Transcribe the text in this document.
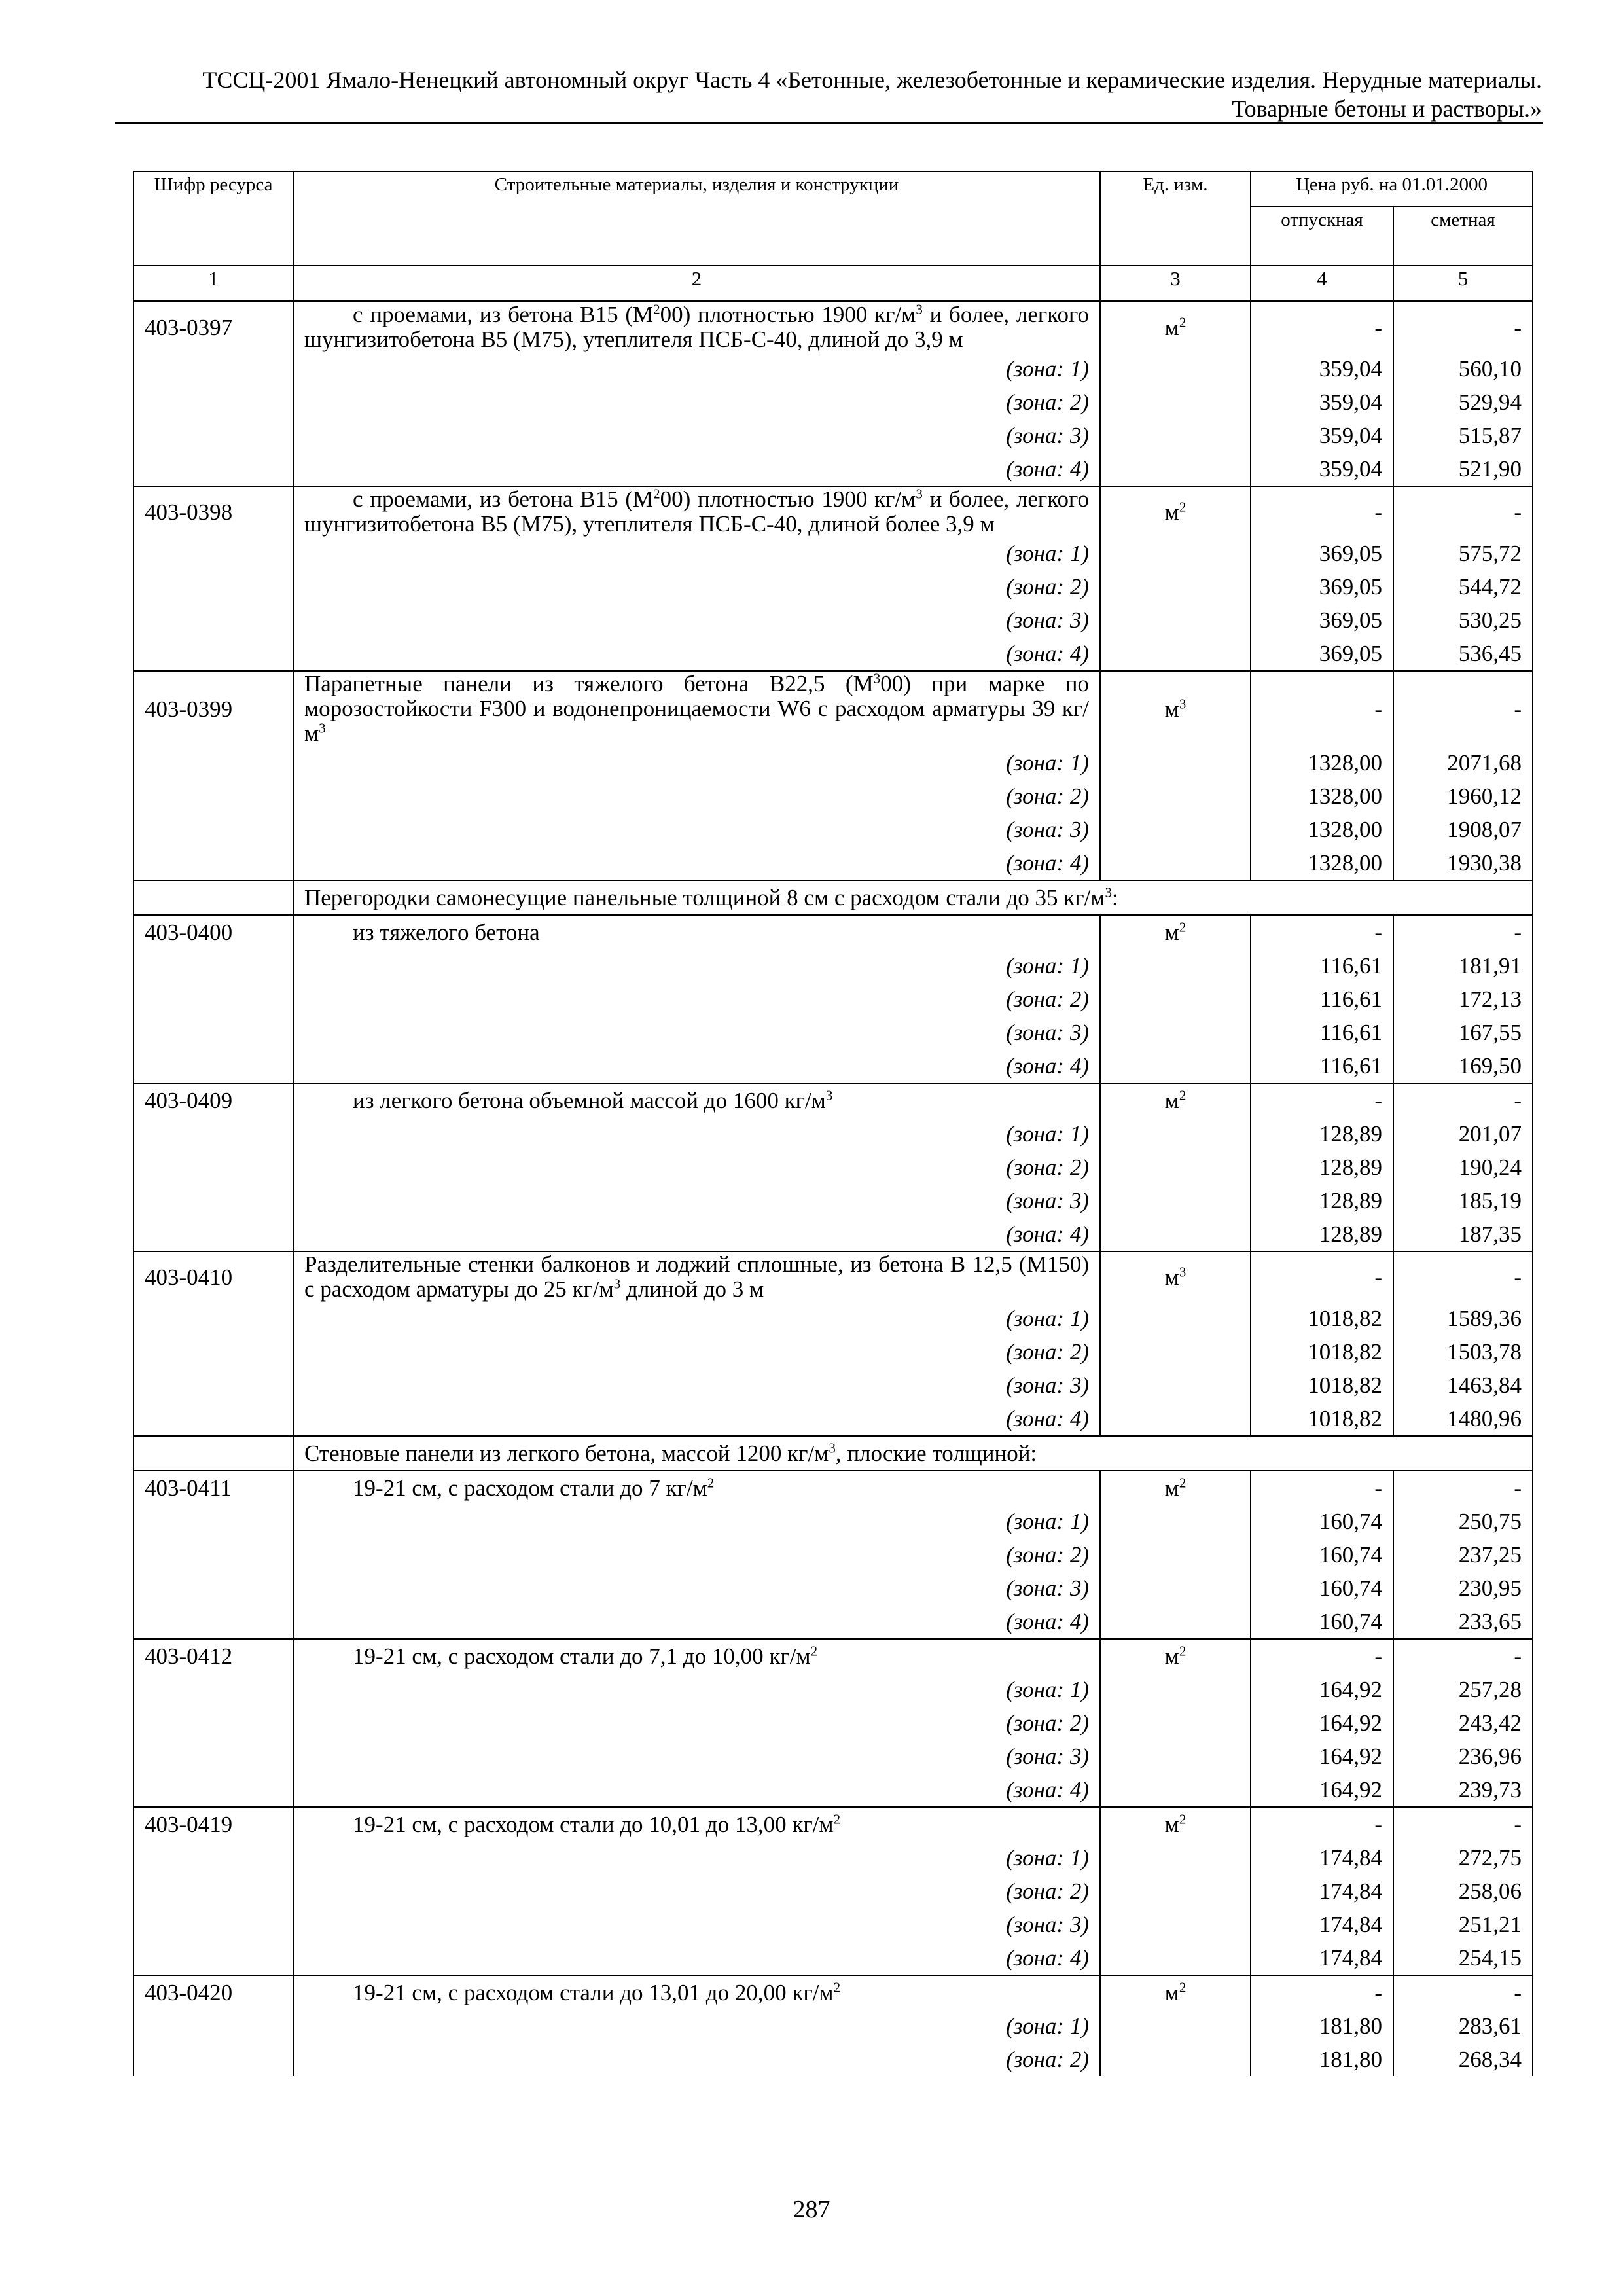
ТССЦ-2001 Ямало-Ненецкий автономный округ Часть 4 «Бетонные, железобетонные и керамические изделия. Нерудные материалы.
Товарные бетоны и растворы.»
Шифр ресурса	Строительные материалы, изделия и конструкции	Ед. изм.	Цена руб. на 01.01.2000	
			отпускная	сметная
1	2	3	4	5
403-0397	с проемами, из бетона В15 $(М^200)$ плотностью 1900 $кг/м^3$ и более, легкого шунгизитобетона В5 (М75), утеплителя ПСБ-С-40, длиной до 3,9 м	$м^2$	-	-
	(зона: 1)		359,04	560,10
	(зона: 2)		359,04	529,94
	(зона: 3)		359,04	515,87
	(зона: 4)		359,04	521,90
403-0398	с проемами, из бетона В15 $(М^200)$ плотностью 1900 $кг/м^3$ и более, легкого шунгизитобетона В5 (М75), утеплителя ПСБ-С-40, длиной более 3,9 м	$м^2$	-	-
	(зона: 1)		369,05	575,72
	(зона: 2)		369,05	544,72
	(зона: 3)		369,05	530,25
	(зона: 4)		369,05	536,45
403-0399	Парапетные панели из тяжелого бетона В22,5 $(М^300)$ при марке по морозостойкости F300 и водонепроницаемости W6 с расходом арматуры 39 $кг/м^3$	$м^3$	-	-
	(зона: 1)		1328,00	2071,68
	(зона: 2)		1328,00	1960,12
	(зона: 3)		1328,00	1908,07
	(зона: 4)		1328,00	1930,38
	Перегородки самонесущие панельные толщиной 8 см с расходом стали до 35 $кг/м^3$:			
403-0400	из тяжелого бетона	$м^2$	-	-
	(зона: 1)		116,61	181,91
	(зона: 2)		116,61	172,13
	(зона: 3)		116,61	167,55
	(зона: 4)		116,61	169,50
403-0409	из легкого бетона объемной массой до 1600 $кг/м^3$	$м^2$	-	-
	(зона: 1)		128,89	201,07
	(зона: 2)		128,89	190,24
	(зона: 3)		128,89	185,19
	(зона: 4)		128,89	187,35
403-0410	Разделительные стенки балконов и лоджий сплошные, из бетона В 12,5 (М150) с расходом арматуры до 25 $кг/м^3$ длиной до 3 м	$м^3$	-	-
	(зона: 1)		1018,82	1589,36
	(зона: 2)		1018,82	1503,78
	(зона: 3)		1018,82	1463,84
	(зона: 4)		1018,82	1480,96
	Стеновые панели из легкого бетона, массой 1200 $кг/м^3$, плоские толщиной:			
403-0411	19-21 см, с расходом стали до 7 $кг/м^2$	$м^2$	-	-
	(зона: 1)		160,74	250,75
	(зона: 2)		160,74	237,25
	(зона: 3)		160,74	230,95
	(зона: 4)		160,74	233,65
403-0412	19-21 см, с расходом стали до 7,1 до 10,00 $кг/м^2$	$м^2$	-	-
	(зона: 1)		164,92	257,28
	(зона: 2)		164,92	243,42
	(зона: 3)		164,92	236,96
	(зона: 4)		164,92	239,73
403-0419	19-21 см, с расходом стали до 10,01 до 13,00 $кг/м^2$	$м^2$	-	-
	(зона: 1)		174,84	272,75
	(зона: 2)		174,84	258,06
	(зона: 3)		174,84	251,21
	(зона: 4)		174,84	254,15
403-0420	19-21 см, с расходом стали до 13,01 до 20,00 $кг/м^2$	$м^2$	-	-
	(зона: 1)		181,80	283,61
	(зона: 2)		181,80	268,34
287
